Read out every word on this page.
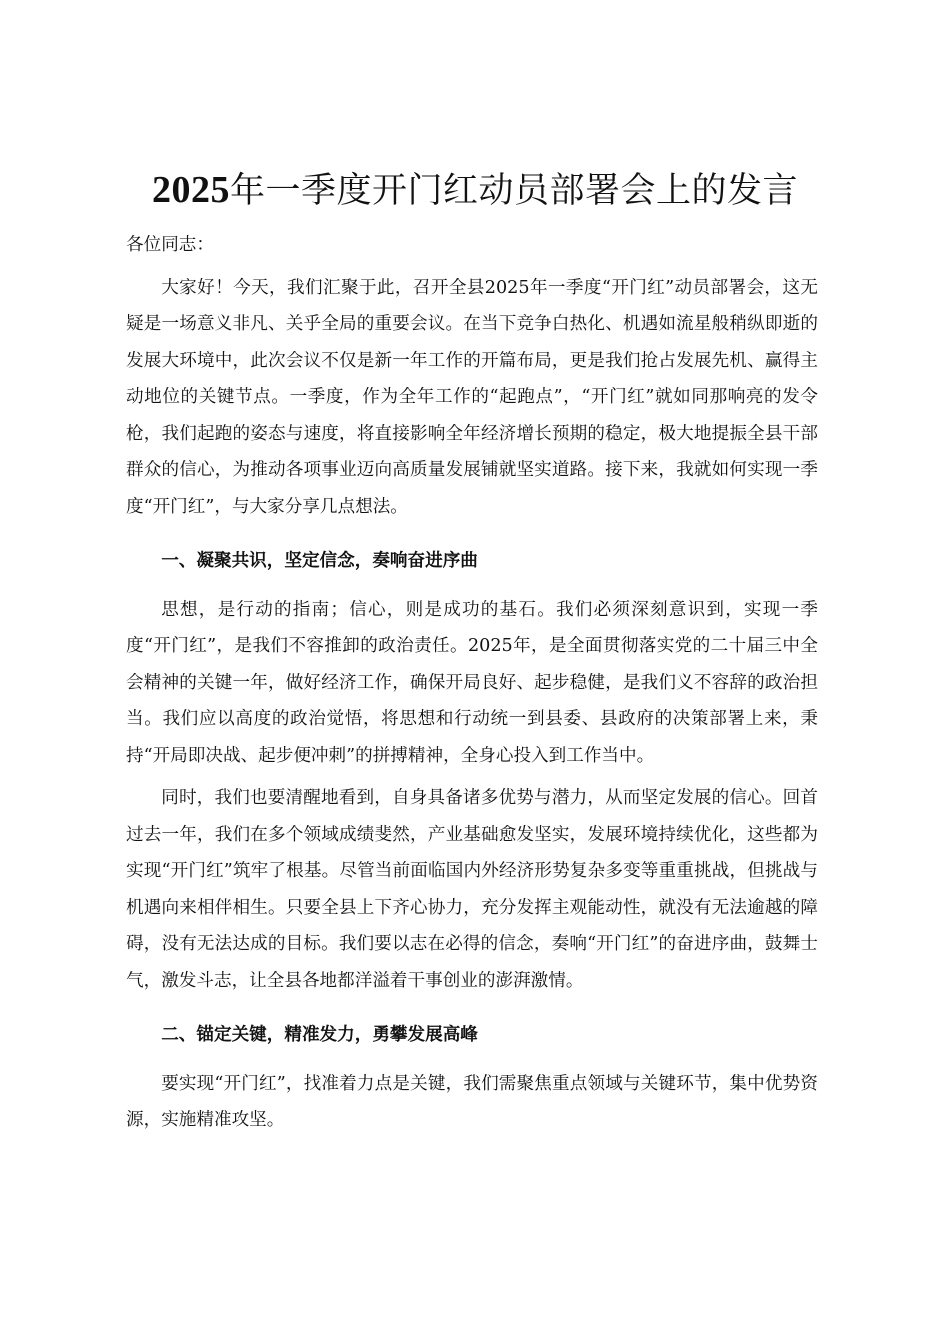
2025年一季度开门红动员部署会上的发言

各位同志：

大家好！今天，我们汇聚于此，召开全县2025年一季度“开门红”动员部署会，这无疑是一场意义非凡、关乎全局的重要会议。在当下竞争白热化、机遇如流星般稍纵即逝的发展大环境中，此次会议不仅是新一年工作的开篇布局，更是我们抢占发展先机、赢得主动地位的关键节点。一季度，作为全年工作的“起跑点”，“开门红”就如同那响亮的发令枪，我们起跑的姿态与速度，将直接影响全年经济增长预期的稳定，极大地提振全县干部群众的信心，为推动各项事业迈向高质量发展铺就坚实道路。接下来，我就如何实现一季度“开门红”，与大家分享几点想法。

一、凝聚共识，坚定信念，奏响奋进序曲

思想，是行动的指南；信心，则是成功的基石。我们必须深刻意识到，实现一季度“开门红”，是我们不容推卸的政治责任。2025年，是全面贯彻落实党的二十届三中全会精神的关键一年，做好经济工作，确保开局良好、起步稳健，是我们义不容辞的政治担当。我们应以高度的政治觉悟，将思想和行动统一到县委、县政府的决策部署上来，秉持“开局即决战、起步便冲刺”的拼搏精神，全身心投入到工作当中。

同时，我们也要清醒地看到，自身具备诸多优势与潜力，从而坚定发展的信心。回首过去一年，我们在多个领域成绩斐然，产业基础愈发坚实，发展环境持续优化，这些都为实现“开门红”筑牢了根基。尽管当前面临国内外经济形势复杂多变等重重挑战，但挑战与机遇向来相伴相生。只要全县上下齐心协力，充分发挥主观能动性，就没有无法逾越的障碍，没有无法达成的目标。我们要以志在必得的信念，奏响“开门红”的奋进序曲，鼓舞士气，激发斗志，让全县各地都洋溢着干事创业的澎湃激情。

二、锚定关键，精准发力，勇攀发展高峰

要实现“开门红”，找准着力点是关键，我们需聚焦重点领域与关键环节，集中优势资源，实施精准攻坚。
